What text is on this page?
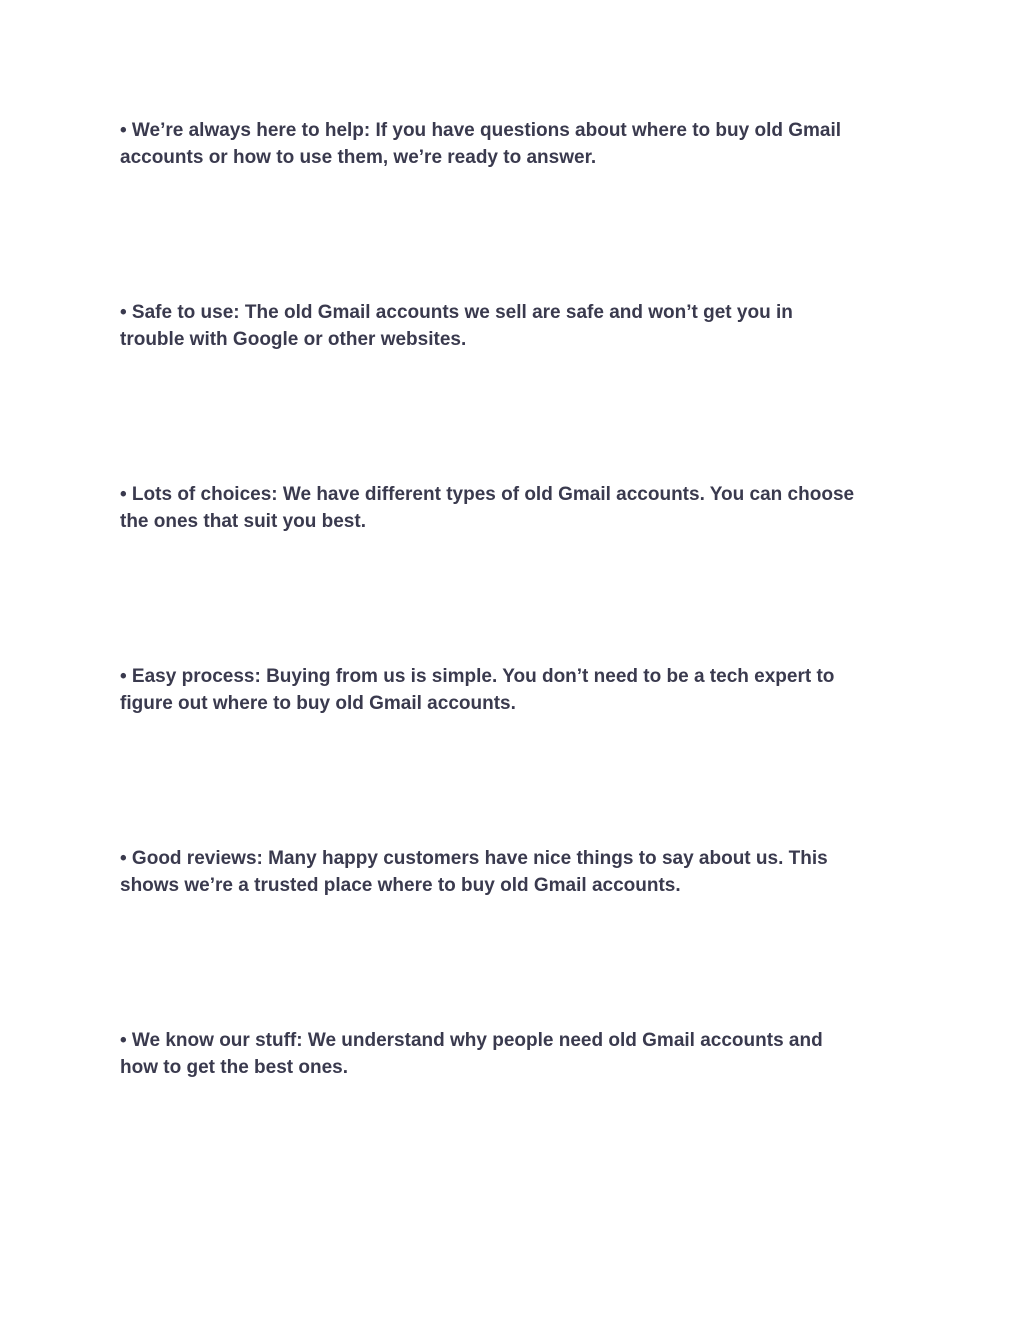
• We’re always here to help: If you have questions about where to buy old Gmail
accounts or how to use them, we’re ready to answer.

• Safe to use: The old Gmail accounts we sell are safe and won’t get you in
trouble with Google or other websites.

• Lots of choices: We have different types of old Gmail accounts. You can choose
the ones that suit you best.

• Easy process: Buying from us is simple. You don’t need to be a tech expert to
figure out where to buy old Gmail accounts.

• Good reviews: Many happy customers have nice things to say about us. This
shows we’re a trusted place where to buy old Gmail accounts.

• We know our stuff: We understand why people need old Gmail accounts and
how to get the best ones.
